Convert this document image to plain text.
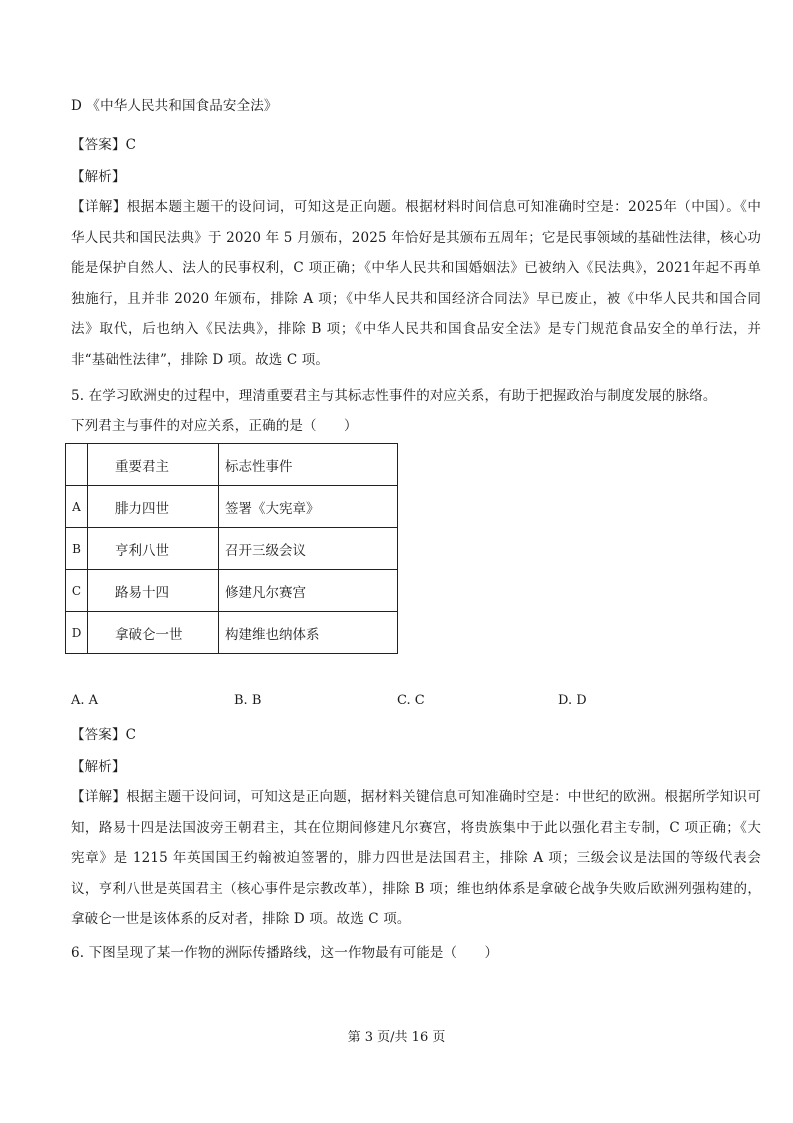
D 《中华人民共和国食品安全法》
【答案】C
【解析】
【详解】根据本题主题干的设问词，可知这是正向题。根据材料时间信息可知准确时空是：2025年（中国）。《中华人民共和国民法典》于 2020 年 5 月颁布，2025 年恰好是其颁布五周年；它是民事领域的基础性法律，核心功能是保护自然人、法人的民事权利，C 项正确；《中华人民共和国婚姻法》已被纳入《民法典》，2021年起不再单独施行，且并非 2020 年颁布，排除 A 项；《中华人民共和国经济合同法》早已废止，被《中华人民共和国合同法》取代，后也纳入《民法典》，排除 B 项；《中华人民共和国食品安全法》是专门规范食品安全的单行法，并非“基础性法律”，排除 D 项。故选 C 项。
5. 在学习欧洲史的过程中，理清重要君主与其标志性事件的对应关系，有助于把握政治与制度发展的脉络。
下列君主与事件的对应关系，正确的是（　　）
	重要君主	标志性事件
A	腓力四世	签署《大宪章》
B	亨利八世	召开三级会议
C	路易十四	修建凡尔赛宫
D	拿破仑一世	构建维也纳体系
A. A	B. B	C. C	D. D
【答案】C
【解析】
【详解】根据主题干设问词，可知这是正向题，据材料关键信息可知准确时空是：中世纪的欧洲。根据所学知识可知，路易十四是法国波旁王朝君主，其在位期间修建凡尔赛宫，将贵族集中于此以强化君主专制，C 项正确；《大宪章》是 1215 年英国国王约翰被迫签署的，腓力四世是法国君主，排除 A 项；三级会议是法国的等级代表会议，亨利八世是英国君主（核心事件是宗教改革），排除 B 项；维也纳体系是拿破仑战争失败后欧洲列强构建的，拿破仑一世是该体系的反对者，排除 D 项。故选 C 项。
6. 下图呈现了某一作物的洲际传播路线，这一作物最有可能是（　　）
第 3 页/共 16 页
